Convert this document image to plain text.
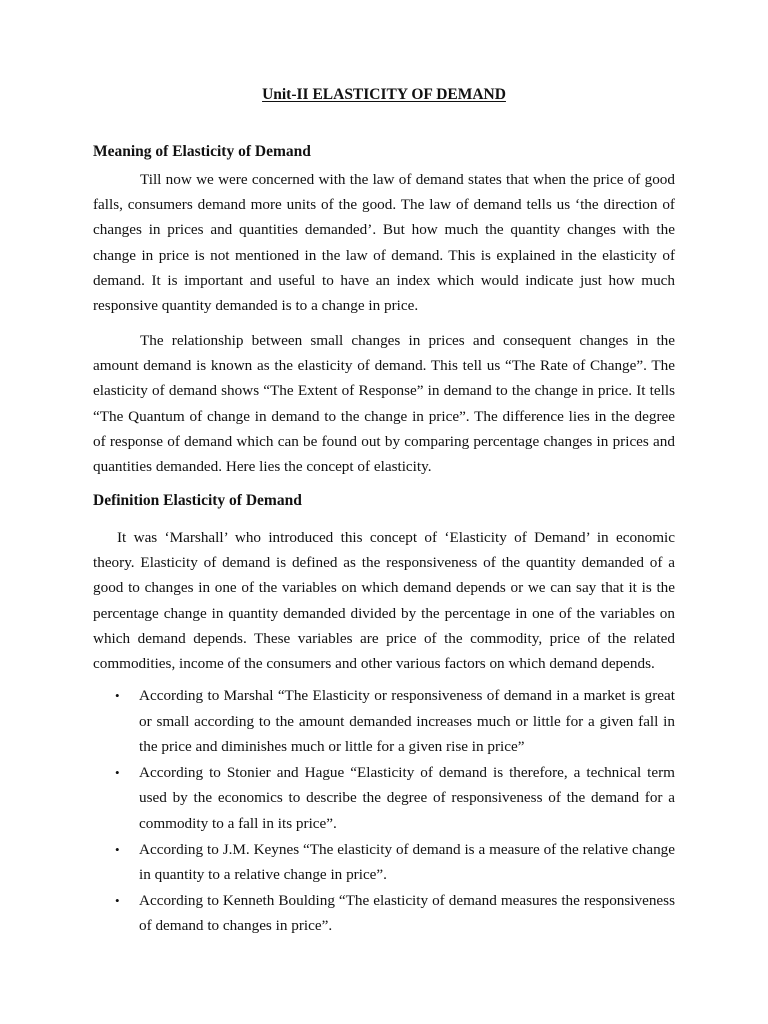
Unit-II ELASTICITY OF DEMAND
Meaning of Elasticity of Demand

Till now we were concerned with the law of demand states that when the price of good falls, consumers demand more units of the good. The law of demand tells us ‘the direction of changes in prices and quantities demanded’. But how much the quantity changes with the change in price is not mentioned in the law of demand. This is explained in the elasticity of demand. It is important and useful to have an index which would indicate just how much responsive quantity demanded is to a change in price.

The relationship between small changes in prices and consequent changes in the amount demand is known as the elasticity of demand. This tell us “The Rate of Change”. The elasticity of demand shows “The Extent of Response” in demand to the change in price. It tells “The Quantum of change in demand to the change in price”. The difference lies in the degree of response of demand which can be found out by comparing percentage changes in prices and quantities demanded. Here lies the concept of elasticity.

Definition Elasticity of Demand

It was ‘Marshall’ who introduced this concept of ‘Elasticity of Demand’ in economic theory. Elasticity of demand is defined as the responsiveness of the quantity demanded of a good to changes in one of the variables on which demand depends or we can say that it is the percentage change in quantity demanded divided by the percentage in one of the variables on which demand depends. These variables are price of the commodity, price of the related commodities, income of the consumers and other various factors on which demand depends.

• According to Marshal “The Elasticity or responsiveness of demand in a market is great or small according to the amount demanded increases much or little for a given fall in the price and diminishes much or little for a given rise in price”
• According to Stonier and Hague “Elasticity of demand is therefore, a technical term used by the economics to describe the degree of responsiveness of the demand for a commodity to a fall in its price”.
• According to J.M. Keynes “The elasticity of demand is a measure of the relative change in quantity to a relative change in price”.
• According to Kenneth Boulding “The elasticity of demand measures the responsiveness of demand to changes in price”.
